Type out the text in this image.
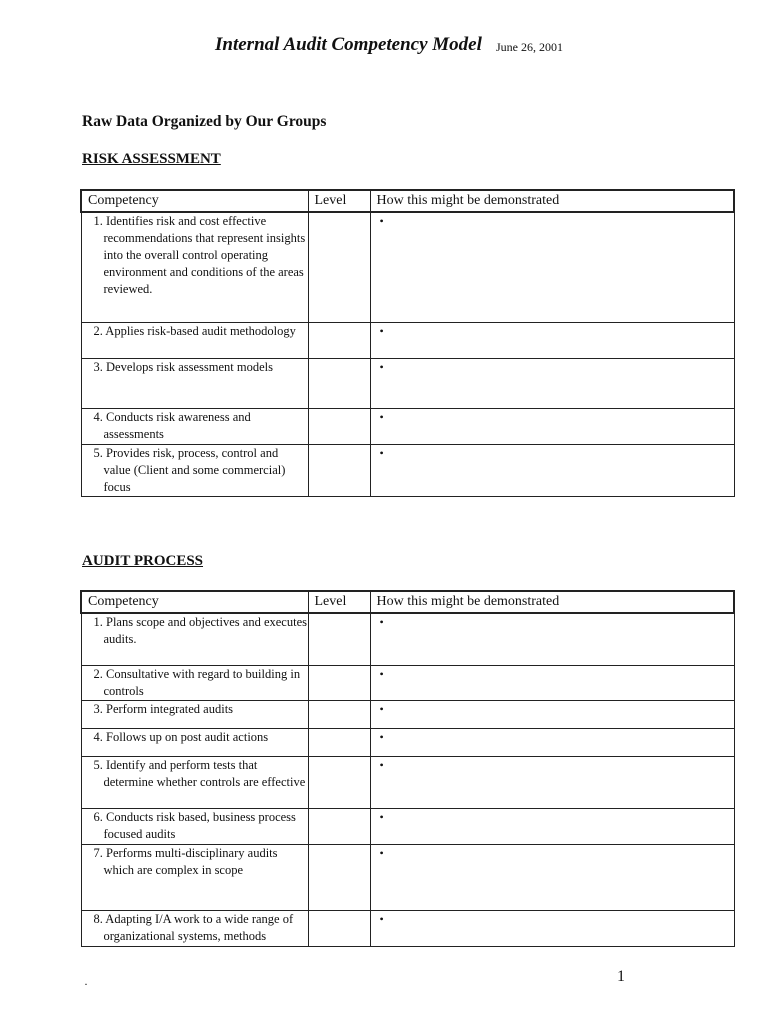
Internal Audit Competency Model June 26, 2001
Raw Data Organized by Our Groups
RISK ASSESSMENT
Competency	Level	How this might be demonstrated

1. Identifies risk and cost effective recommendations that represent insights into the overall control operating environment and conditions of the areas reviewed.		•

2. Applies risk-based audit methodology		•

3. Develops risk assessment models		•

4. Conducts risk awareness and assessments		•

5. Provides risk, process, control and value (Client and some commercial) focus		•
AUDIT PROCESS
Competency	Level	How this might be demonstrated

1. Plans scope and objectives and executes audits.		•

2. Consultative with regard to building in controls		•

3. Perform integrated audits		•

4. Follows up on post audit actions		•

5. Identify and perform tests that determine whether controls are effective		•

6. Conducts risk based, business process focused audits		•

7. Performs multi-disciplinary audits which are complex in scope		•

8. Adapting I/A work to a wide range of organizational systems, methods		•
1
·
